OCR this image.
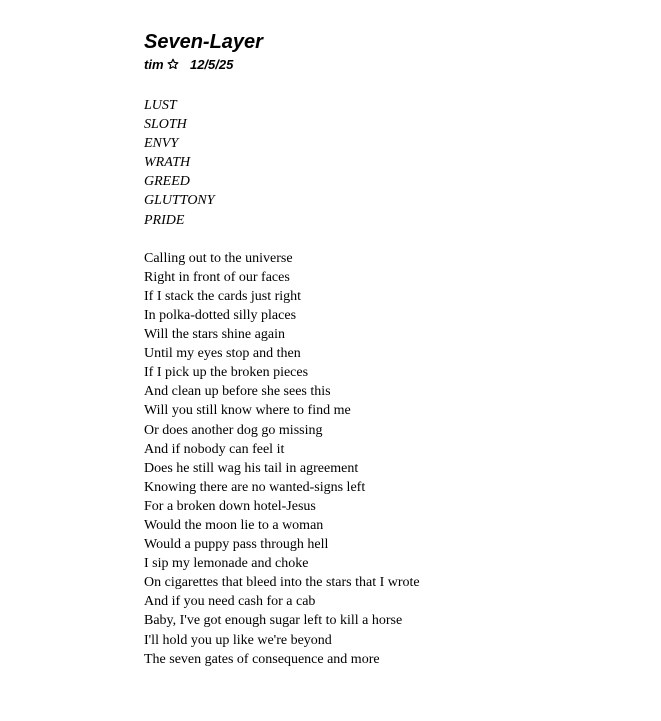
Seven-Layer
tim 12/5/25
LUST
SLOTH
ENVY
WRATH
GREED
GLUTTONY
PRIDE
Calling out to the universe
Right in front of our faces
If I stack the cards just right
In polka-dotted silly places
Will the stars shine again
Until my eyes stop and then
If I pick up the broken pieces
And clean up before she sees this
Will you still know where to find me
Or does another dog go missing
And if nobody can feel it
Does he still wag his tail in agreement
Knowing there are no wanted-signs left
For a broken down hotel-Jesus
Would the moon lie to a woman
Would a puppy pass through hell
I sip my lemonade and choke
On cigarettes that bleed into the stars that I wrote
And if you need cash for a cab
Baby, I've got enough sugar left to kill a horse
I'll hold you up like we're beyond
The seven gates of consequence and more
